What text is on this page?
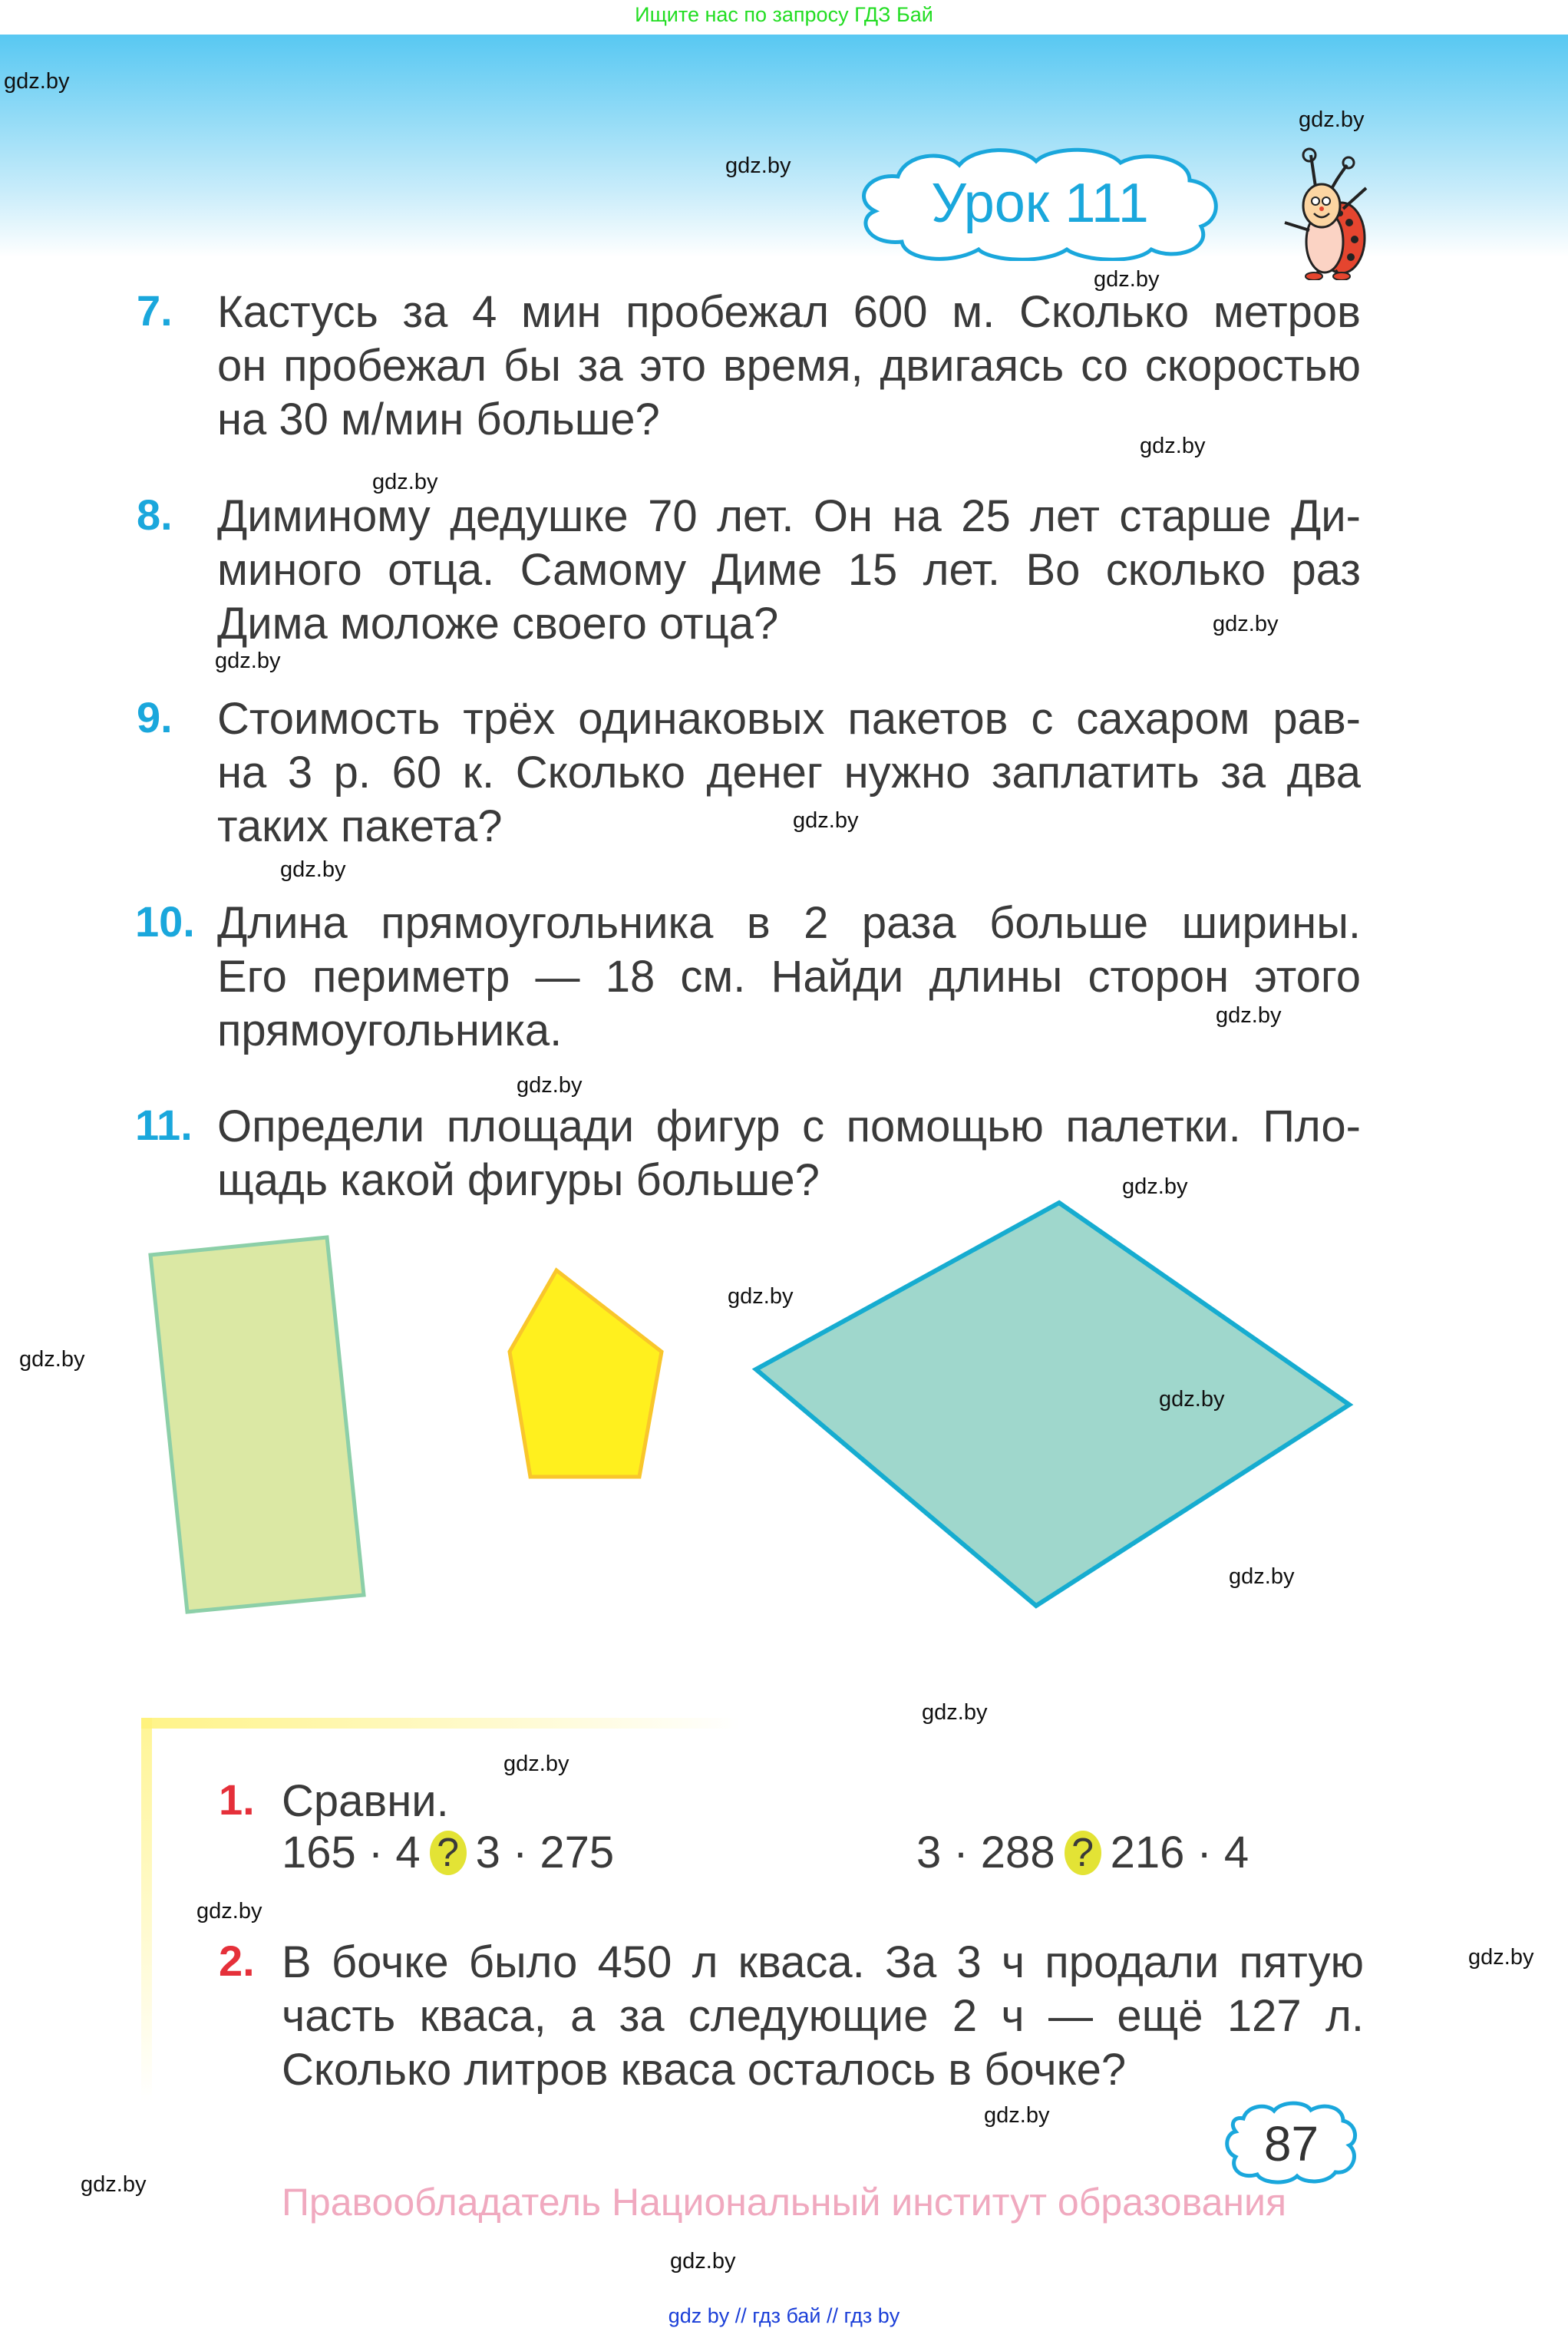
Ищите нас по запросу ГДЗ Бай
Урок 111
7. Кастусь за 4 мин пробежал 600 м. Сколько метров
он пробежал бы за это время, двигаясь со скоростью
на 30 м/мин больше?
8. Диминому дедушке 70 лет. Он на 25 лет старше Ди-
миного отца. Самому Диме 15 лет. Во сколько раз
Дима моложе своего отца?
9. Стоимость трёх одинаковых пакетов с сахаром рав-
на 3 р. 60 к. Сколько денег нужно заплатить за два
таких пакета?
10. Длина прямоугольника в 2 раза больше ширины.
Его периметр — 18 см. Найди длины сторон этого
прямоугольника.
11. Определи площади фигур с помощью палетки. Пло-
щадь какой фигуры больше?
1. Сравни.
165 · 4 ? 3 · 275	3 · 288 ? 216 · 4
2. В бочке было 450 л кваса. За 3 ч продали пятую
часть кваса, а за следующие 2 ч — ещё 127 л.
Сколько литров кваса осталось в бочке?
87
Правообладатель Национальный институт образования
gdz.by
gdz.by
gdz.by
gdz.by
gdz.by
gdz.by
gdz.by
gdz.by
gdz.by
gdz.by
gdz.by
gdz.by
gdz.by
gdz.by
gdz.by
gdz.by
gdz.by
gdz.by
gdz.by
gdz.by
gdz.by
gdz.by
gdz.by
gdz.by
gdz by // гдз бай // гдз by
